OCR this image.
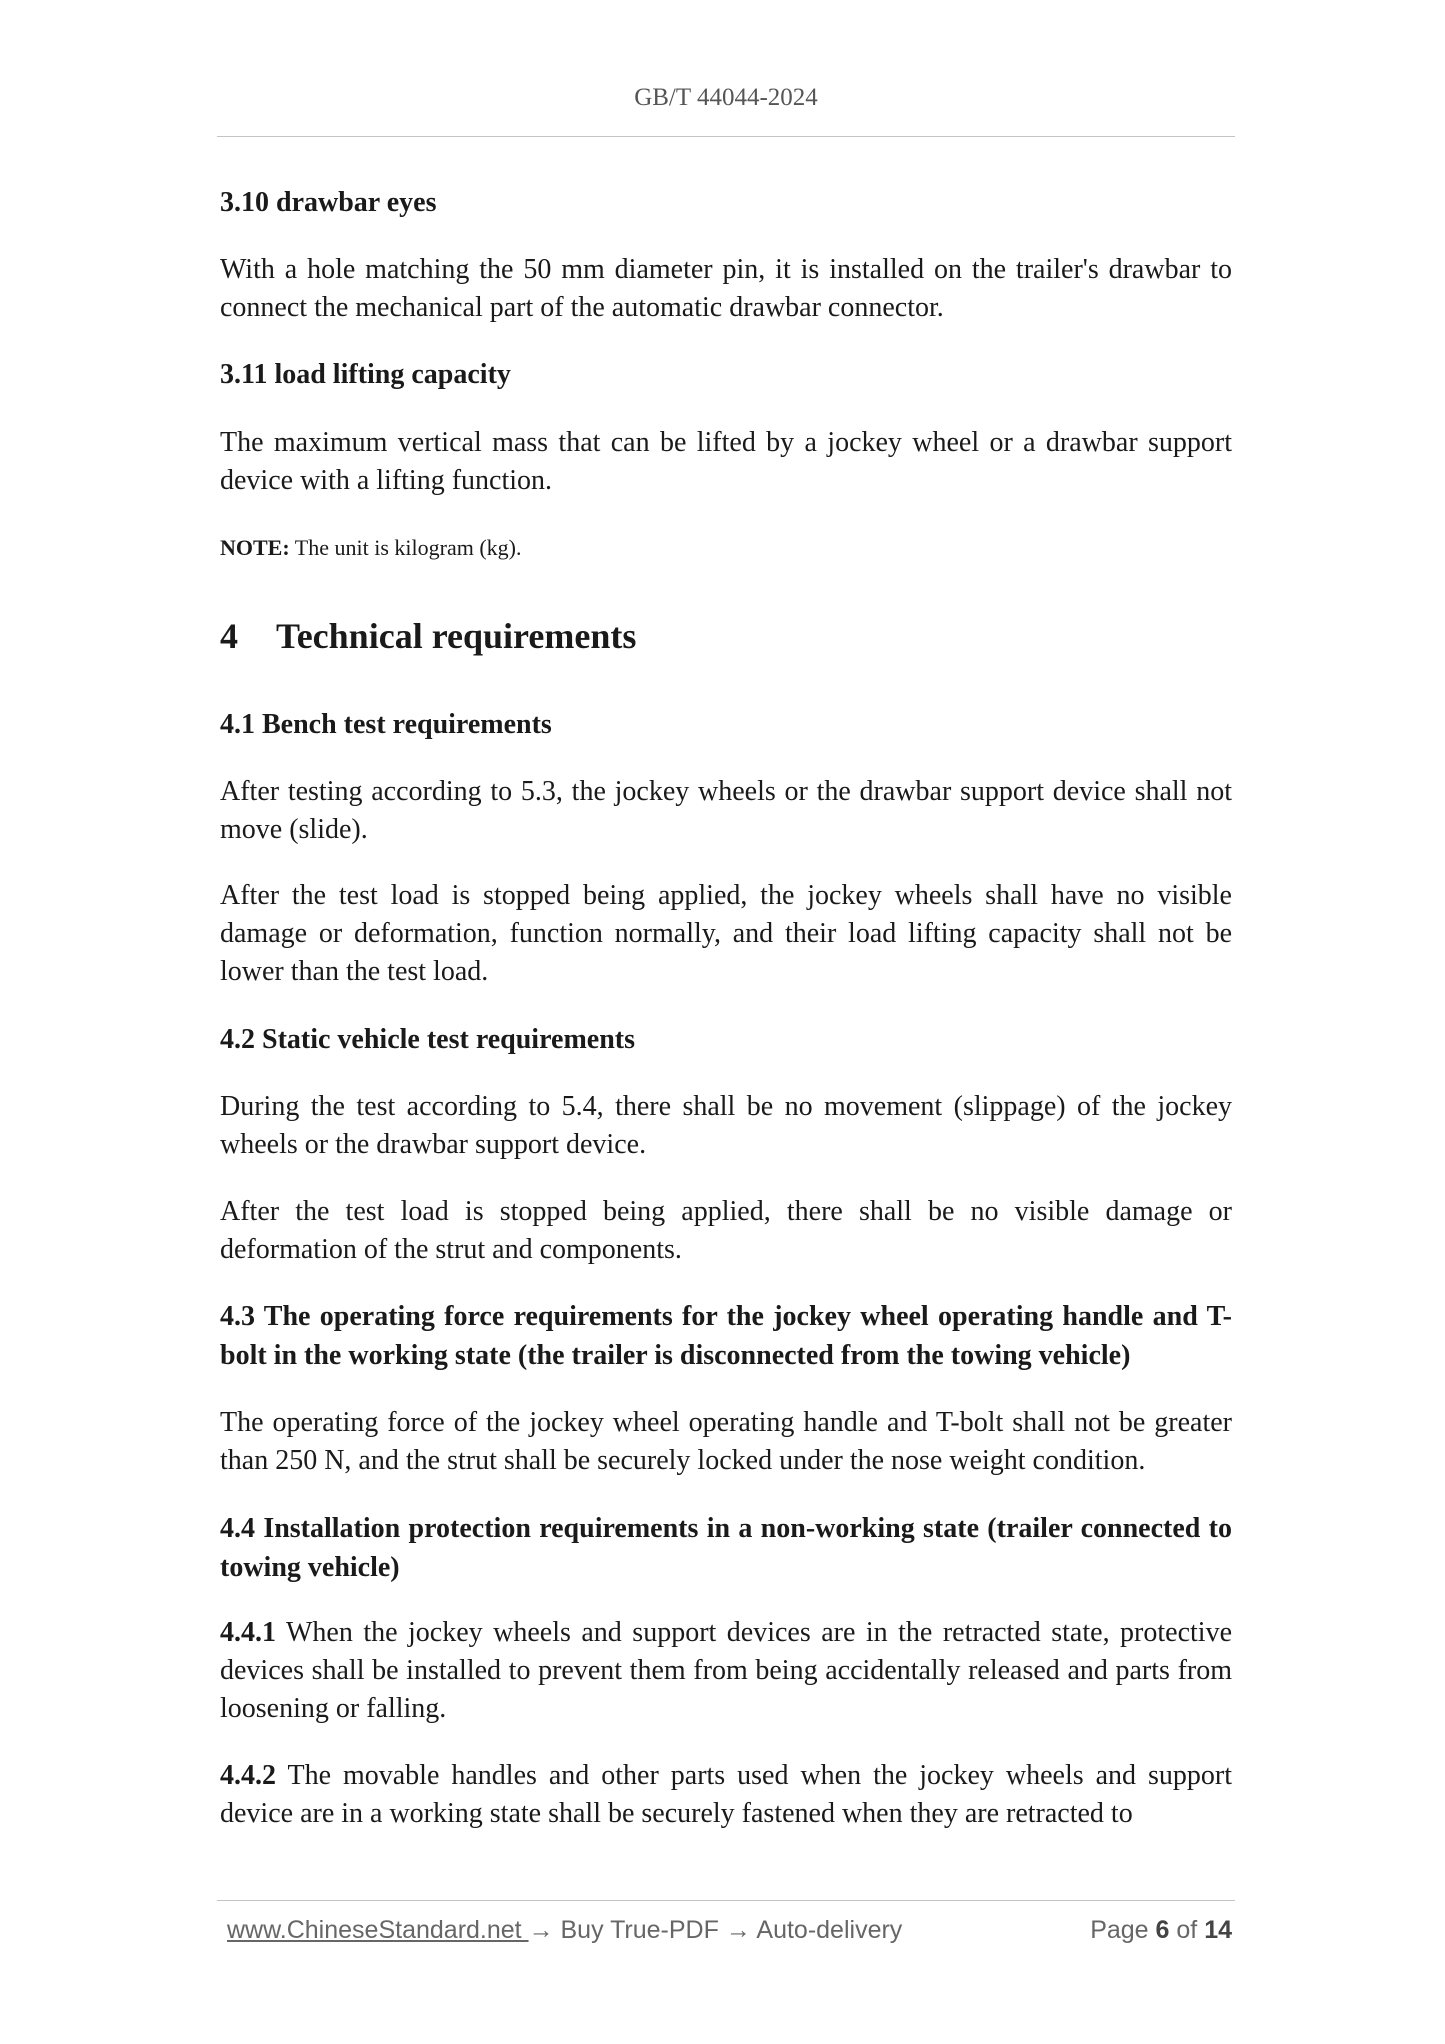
GB/T 44044-2024
3.10 drawbar eyes
With a hole matching the 50 mm diameter pin, it is installed on the trailer's drawbar to connect the mechanical part of the automatic drawbar connector.
3.11 load lifting capacity
The maximum vertical mass that can be lifted by a jockey wheel or a drawbar support device with a lifting function.
NOTE: The unit is kilogram (kg).
4 Technical requirements
4.1 Bench test requirements
After testing according to 5.3, the jockey wheels or the drawbar support device shall not move (slide).
After the test load is stopped being applied, the jockey wheels shall have no visible damage or deformation, function normally, and their load lifting capacity shall not be lower than the test load.
4.2 Static vehicle test requirements
During the test according to 5.4, there shall be no movement (slippage) of the jockey wheels or the drawbar support device.
After the test load is stopped being applied, there shall be no visible damage or deformation of the strut and components.
4.3 The operating force requirements for the jockey wheel operating handle and T-bolt in the working state (the trailer is disconnected from the towing vehicle)
The operating force of the jockey wheel operating handle and T-bolt shall not be greater than 250 N, and the strut shall be securely locked under the nose weight condition.
4.4 Installation protection requirements in a non-working state (trailer connected to towing vehicle)
4.4.1 When the jockey wheels and support devices are in the retracted state, protective devices shall be installed to prevent them from being accidentally released and parts from loosening or falling.
4.4.2 The movable handles and other parts used when the jockey wheels and support device are in a working state shall be securely fastened when they are retracted to
www.ChineseStandard.net → Buy True-PDF → Auto-delivery	Page 6 of 14
